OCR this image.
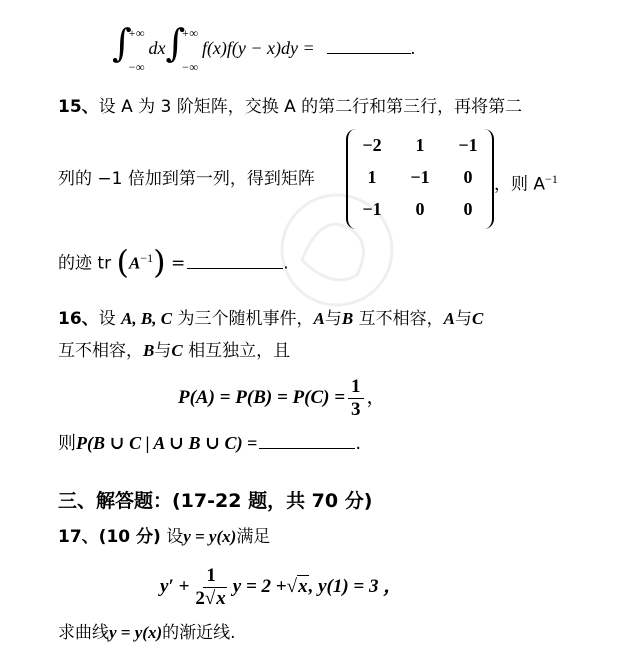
∫
+∞
−∞
dx∫
+∞
−∞
f(x)f(y − x)dy =	.
15、设 A 为 3 阶矩阵，交换 A 的第二行和第三行，再将第二
−2	1	−1
1	−1	0
−1	0	0
列的 −1 倍加到第一列，得到矩阵	，则 $A^{-1}$
的迹 tr $(A^{-1})$ =	.
16、设 A, B, C 为三个随机事件，A与B 互不相容，A与C
互不相容，B与C 相互独立，且
$P(A) = P(B) = P(C) = \frac{1}{3}$ ，
则P(B ∪ C | A ∪ B ∪ C) =	.
三、解答题：(17-22 题，共 70 分)
17、(10 分) 设y = y(x)满足
$y' + \frac{1}{2√x}$ y = 2 +√x, y(1) = 3 ，
求曲线y = y(x)的渐近线.
